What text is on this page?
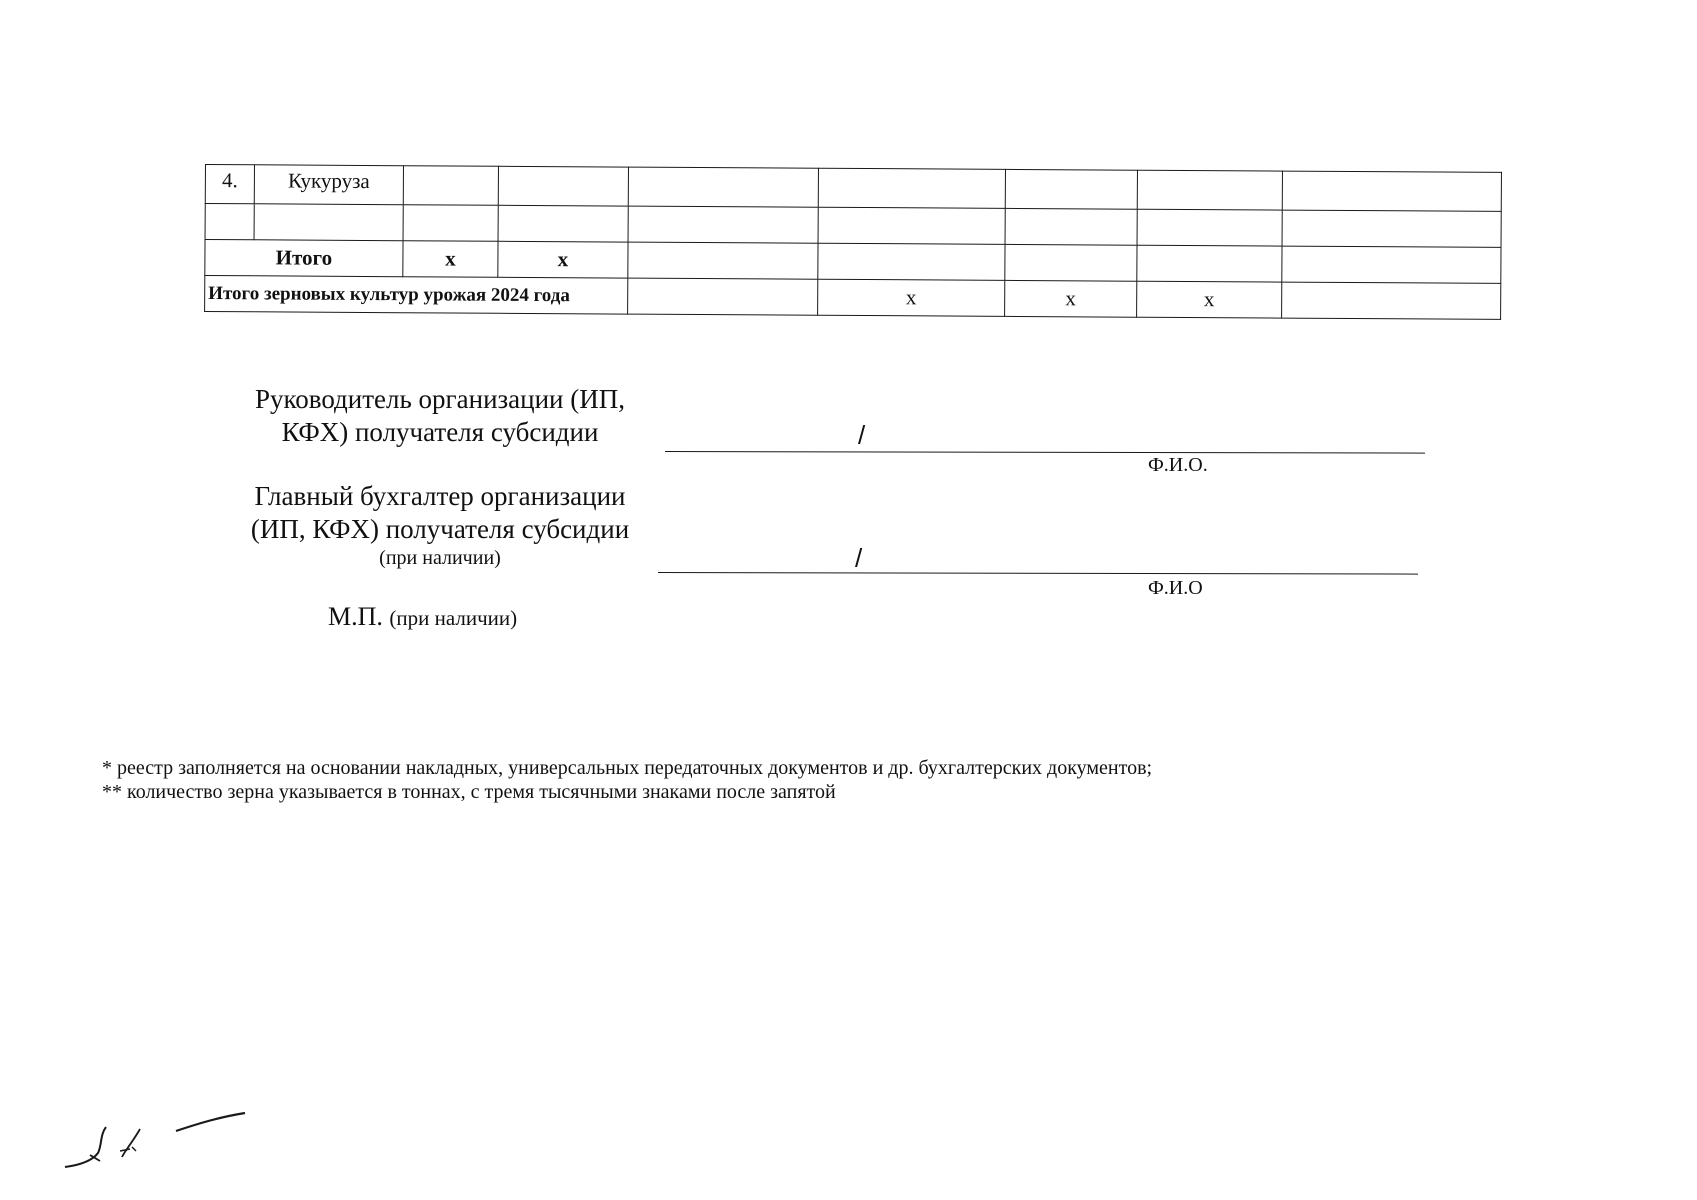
4.	Кукуруза							

Итого		x	x					
Итого зерновых культур урожая 2024 года					x	x	x	
Руководитель организации (ИП,
КФХ) получателя субсидии	/
Ф.И.О.
Главный бухгалтер организации
(ИП, КФХ) получателя субсидии
(при наличии)	/
Ф.И.О
М.П. (при наличии)
* реестр заполняется на основании накладных, универсальных передаточных документов и др. бухгалтерских документов;
** количество зерна указывается в тоннах, с тремя тысячными знаками после запятой
